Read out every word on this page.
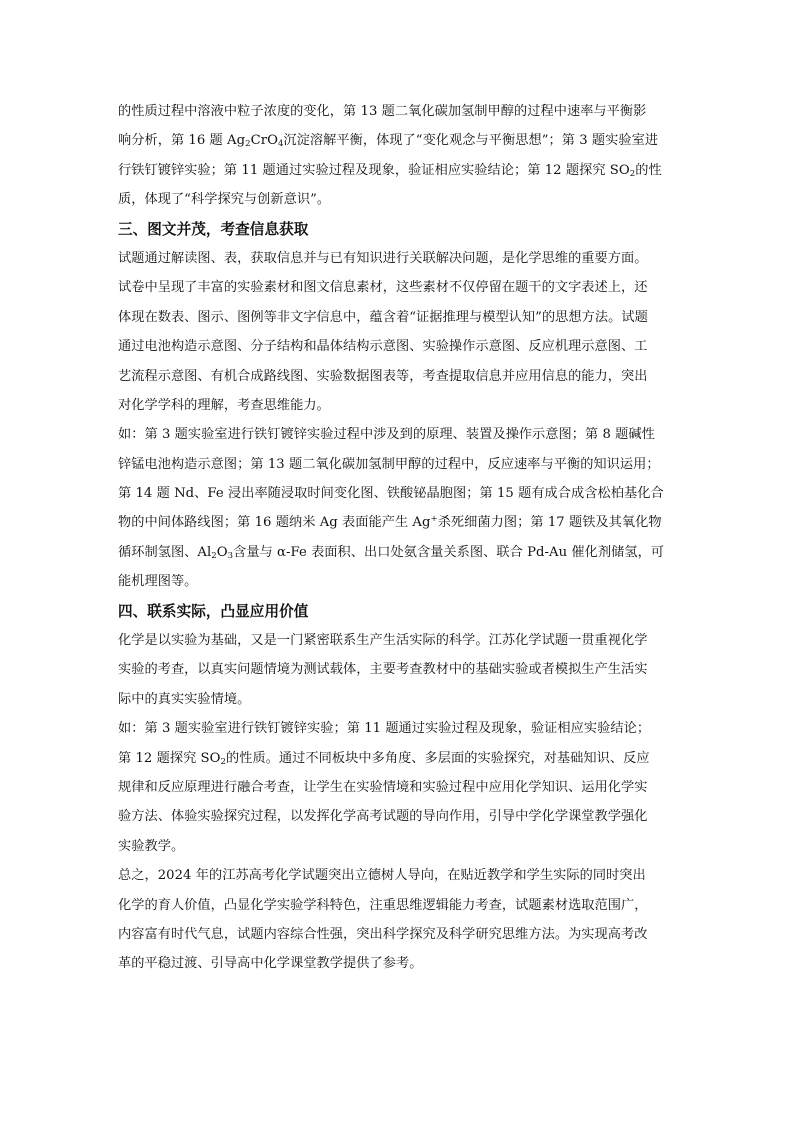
的性质过程中溶液中粒子浓度的变化，第 13 题二氧化碳加氢制甲醇的过程中速率与平衡影
响分析，第 16 题 $Ag_2CrO_4$沉淀溶解平衡，体现了“变化观念与平衡思想”；第 3 题实验室进
行铁钉镀锌实验；第 11 题通过实验过程及现象，验证相应实验结论；第 12 题探究 $SO_2$的性
质，体现了“科学探究与创新意识”。
三、图文并茂，考查信息获取
试题通过解读图、表，获取信息并与已有知识进行关联解决问题，是化学思维的重要方面。
试卷中呈现了丰富的实验素材和图文信息素材，这些素材不仅停留在题干的文字表述上，还
体现在数表、图示、图例等非文字信息中，蕴含着“证据推理与模型认知”的思想方法。试题
通过电池构造示意图、分子结构和晶体结构示意图、实验操作示意图、反应机理示意图、工
艺流程示意图、有机合成路线图、实验数据图表等，考查提取信息并应用信息的能力，突出
对化学学科的理解，考查思维能力。
如：第 3 题实验室进行铁钉镀锌实验过程中涉及到的原理、装置及操作示意图；第 8 题碱性
锌锰电池构造示意图；第 13 题二氧化碳加氢制甲醇的过程中，反应速率与平衡的知识运用；
第 14 题 Nd、Fe 浸出率随浸取时间变化图、铁酸铋晶胞图；第 15 题有成合成含松柏基化合
物的中间体路线图；第 16 题纳米 Ag 表面能产生 Ag+杀死细菌力图；第 17 题铁及其氧化物
循环制氢图、$Al_2O_3$含量与 α-Fe 表面积、出口处氨含量关系图、联合 Pd-Au 催化剂储氢，可
能机理图等。
四、联系实际，凸显应用价值
化学是以实验为基础，又是一门紧密联系生产生活实际的科学。江苏化学试题一贯重视化学
实验的考查，以真实问题情境为测试载体，主要考查教材中的基础实验或者模拟生产生活实
际中的真实实验情境。
如：第 3 题实验室进行铁钉镀锌实验；第 11 题通过实验过程及现象，验证相应实验结论；
第 12 题探究 $SO_2$的性质。通过不同板块中多角度、多层面的实验探究，对基础知识、反应
规律和反应原理进行融合考查，让学生在实验情境和实验过程中应用化学知识、运用化学实
验方法、体验实验探究过程，以发挥化学高考试题的导向作用，引导中学化学课堂教学强化
实验教学。
总之，2024 年的江苏高考化学试题突出立德树人导向，在贴近教学和学生实际的同时突出
化学的育人价值，凸显化学实验学科特色，注重思维逻辑能力考查，试题素材选取范围广，
内容富有时代气息，试题内容综合性强，突出科学探究及科学研究思维方法。为实现高考改
革的平稳过渡、引导高中化学课堂教学提供了参考。
